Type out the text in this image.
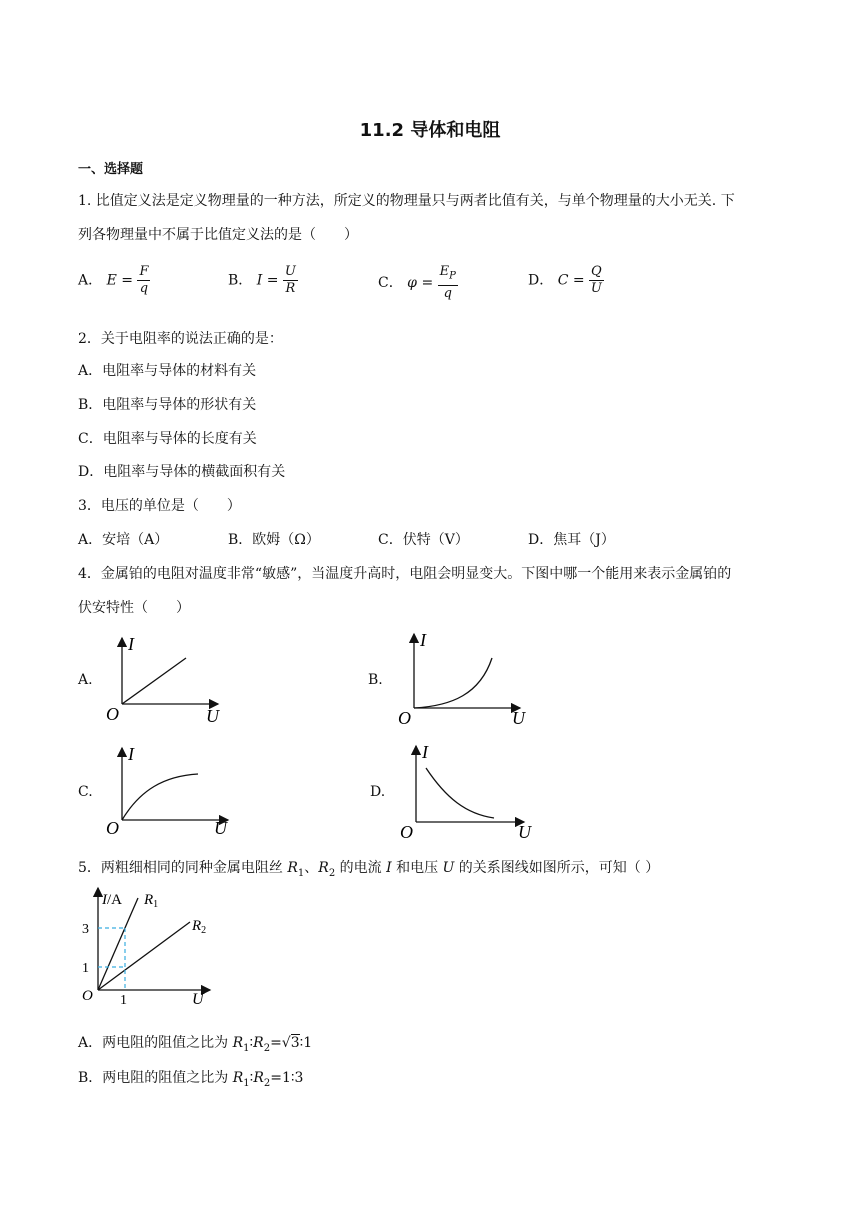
11.2 导体和电阻
一、选择题
1. 比值定义法是定义物理量的一种方法，所定义的物理量只与两者比值有关，与单个物理量的大小无关. 下
列各物理量中不属于比值定义法的是（　　）
A． $E = \frac{F}{q}$	B． $I = \frac{U}{R}$	C． $\varphi = \frac{E_P}{q}$	D． $C = \frac{Q}{U}$
2．关于电阻率的说法正确的是：
A．电阻率与导体的材料有关
B．电阻率与导体的形状有关
C．电阻率与导体的长度有关
D．电阻率与导体的横截面积有关
3．电压的单位是（　　）
A．安培（A）	B．欧姆（Ω）	C．伏特（V）	D．焦耳（J）
4．金属铂的电阻对温度非常“敏感”，当温度升高时，电阻会明显变大。下图中哪一个能用来表示金属铂的
伏安特性（　　）
A.
I
O	U
B.
I
O	U
C.
I
O	U
D.
I
O	U
5．两粗细相同的同种金属电阻丝 $R_1$、$R_2$ 的电流 I 和电压 U 的关系图线如图所示，可知（ ）
I/A $R_1$
$R_2$
3
1
1
O	U
A．两电阻的阻值之比为 $R_1∶R_2=√3∶1$
B．两电阻的阻值之比为 $R_1∶R_2=1∶3$
